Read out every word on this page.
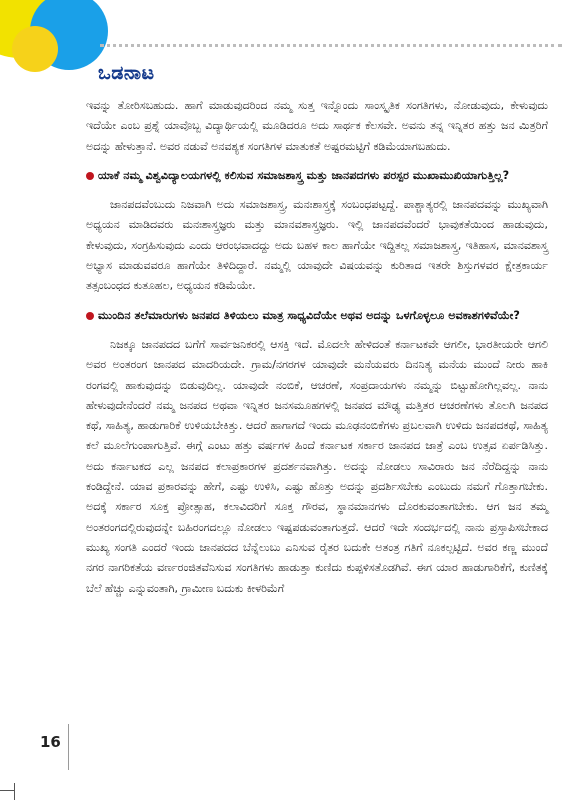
ಒಡನಾಟ

ಇವನ್ನು ತೋರಿಸಬಹುದು. ಹಾಗೆ ಮಾಡುವುದರಿಂದ ನಮ್ಮ ಸುತ್ತ ಇನ್ನೊಂದು ಸಾಂಸ್ಕೃತಿಕ ಸಂಗತಿಗಳು, ನೋಡುವುದು, ಕೇಳುವುದು ಇದೆಯೇ ಎಂಬ ಪ್ರಶ್ನೆ ಯಾವೊಬ್ಬ ವಿದ್ಯಾರ್ಥಿಯಲ್ಲಿ ಮೂಡಿದರೂ ಅದು ಸಾರ್ಥಕ ಕೆಲಸವೇ. ಅವನು ತನ್ನ ಇನ್ನಿತರ ಹತ್ತು ಜನ ಮಿತ್ರರಿಗೆ ಅದನ್ನು ಹೇಳುತ್ತಾನೆ. ಅವರ ನಡುವೆ ಅನವಶ್ಯಕ ಸಂಗತಿಗಳ ಮಾತುಕತೆ ಅಷ್ಟರಮಟ್ಟಿಗೆ ಕಡಿಮೆಯಾಗಬಹುದು.

ಯಾಕೆ ನಮ್ಮ ವಿಶ್ವವಿದ್ಯಾಲಯಗಳಲ್ಲಿ ಕಲಿಸುವ ಸಮಾಜಶಾಸ್ತ್ರ ಮತ್ತು ಜಾನಪದಗಳು ಪರಸ್ಪರ ಮುಖಾಮುಖಿಯಾಗುತ್ತಿಲ್ಲ?

ಜಾನಪದವೆಂಬುದು ನಿಜವಾಗಿ ಅದು ಸಮಾಜಶಾಸ್ತ್ರ, ಮನಃಶಾಸ್ತ್ರಕ್ಕೆ ಸಂಬಂಧಪಟ್ಟದ್ದೆ. ಪಾಶ್ಚಾತ್ಯರಲ್ಲಿ ಜಾನಪದವನ್ನು ಮುಖ್ಯವಾಗಿ ಅಧ್ಯಯನ ಮಾಡಿದವರು ಮನಃಶಾಸ್ತ್ರಜ್ಞರು ಮತ್ತು ಮಾನವಶಾಸ್ತ್ರಜ್ಞರು. ಇಲ್ಲಿ ಜಾನಪದವೆಂದರೆ ಭಾವುಕತೆಯಿಂದ ಹಾಡುವುದು, ಕೇಳುವುದು, ಸಂಗ್ರಹಿಸುವುದು ಎಂದು ಆರಂಭವಾದದ್ದು ಅದು ಬಹಳ ಕಾಲ ಹಾಗೆಯೇ ಇದ್ದಿತಲ್ಲ ಸಮಾಜಶಾಸ್ತ್ರ, ಇತಿಹಾಸ, ಮಾನವಶಾಸ್ತ್ರ ಅಭ್ಯಾಸ ಮಾಡುವವರೂ ಹಾಗೆಯೇ ತಿಳಿದಿದ್ದಾರೆ. ನಮ್ಮಲ್ಲಿ ಯಾವುದೇ ವಿಷಯವನ್ನು ಕುರಿತಾದ ಇತರೇ ಶಿಸ್ತುಗಳವರ ಕ್ಷೇತ್ರಕಾರ್ಯ ತತ್ಸಂಬಂಧದ ಕುತೂಹಲ, ಅಧ್ಯಯನ ಕಡಿಮೆಯೇ.

ಮುಂದಿನ ತಲೆಮಾರುಗಳು ಜನಪದ ತಿಳಿಯಲು ಮಾತ್ರ ಸಾಧ್ಯವಿದೆಯೇ ಅಥವ ಅದನ್ನು ಒಳಗೊಳ್ಳಲೂ ಅವಕಾಶಗಳಿವೆಯೇ?

ನಿಜಕ್ಕೂ ಜಾನಪದದ ಬಗೆಗೆ ಸಾರ್ವಜನಿಕರಲ್ಲಿ ಆಸಕ್ತಿ ಇದೆ. ಮೊದಲೇ ಹೇಳಿದಂತೆ ಕರ್ನಾಟಕವೇ ಆಗಲೀ, ಭಾರತೀಯರೇ ಆಗಲಿ ಅವರ ಅಂತರಂಗ ಜಾನಪದ ಮಾದರಿಯದೇ. ಗ್ರಾಮ/ನಗರಗಳ ಯಾವುದೇ ಮನೆಯವರು ದಿನನಿತ್ಯ ಮನೆಯ ಮುಂದೆ ನೀರು ಹಾಕಿ ರಂಗವಲ್ಲಿ ಹಾಕುವುದನ್ನು ಬಿಡುವುದಿಲ್ಲ. ಯಾವುದೇ ನಂಬಿಕೆ, ಆಚರಣೆ, ಸಂಪ್ರದಾಯಗಳು ನಮ್ಮನ್ನು ಬಿಟ್ಟುಹೋಗಿಲ್ಲವಲ್ಲ. ನಾನು ಹೇಳುವುದೇನೆಂದರೆ ನಮ್ಮ ಜನಪದ ಅಥವಾ ಇನ್ನಿತರ ಜನಸಮೂಹಗಳಲ್ಲಿ ಜನಪದ ಮೌಢ್ಯ ಮತ್ತಿತರ ಆಚರಣೆಗಳು ತೊಲಗಿ ಜನಪದ ಕಥೆ, ಸಾಹಿತ್ಯ, ಹಾಡುಗಾರಿಕೆ ಉಳಿಯಬೇಕಿತ್ತು. ಆದರೆ ಹಾಗಾಗದೆ ಇಂದು ಮೂಢನಂಬಿಕೆಗಳು ಪ್ರಬಲವಾಗಿ ಉಳಿದು ಜನಪದಕಥೆ, ಸಾಹಿತ್ಯ ಕಲೆ ಮೂಲೆಗುಂಪಾಗುತ್ತಿವೆ. ಈಗ್ಗೆ ಎಂಟು ಹತ್ತು ವರ್ಷಗಳ ಹಿಂದೆ ಕರ್ನಾಟಕ ಸರ್ಕಾರ ಜಾನಪದ ಜಾತ್ರೆ ಎಂಬ ಉತ್ಸವ ಏರ್ಪಡಿಸಿತ್ತು. ಅದು ಕರ್ನಾಟಕದ ಎಲ್ಲ ಜನಪದ ಕಲಾಪ್ರಕಾರಗಳ ಪ್ರದರ್ಶನವಾಗಿತ್ತು. ಅದನ್ನು ನೋಡಲು ಸಾವಿರಾರು ಜನ ನೆರೆದಿದ್ದನ್ನು ನಾನು ಕಂಡಿದ್ದೇನೆ. ಯಾವ ಪ್ರಕಾರವನ್ನು ಹೇಗೆ, ಎಷ್ಟು ಉಳಿಸಿ, ಎಷ್ಟು ಹೊತ್ತು ಅದನ್ನು ಪ್ರದರ್ಶಿಸಬೇಕು ಎಂಬುದು ನಮಗೆ ಗೊತ್ತಾಗಬೇಕು. ಅದಕ್ಕೆ ಸರ್ಕಾರ ಸೂಕ್ತ ಪ್ರೋತ್ಸಾಹ, ಕಲಾವಿದರಿಗೆ ಸೂಕ್ತ ಗೌರವ, ಸ್ಥಾನಮಾನಗಳು ದೊರಕುವಂತಾಗಬೇಕು. ಆಗ ಜನ ತಮ್ಮ ಅಂತರಂಗದಲ್ಲಿರುವುದನ್ನೇ ಬಹಿರಂಗದಲ್ಲೂ ನೋಡಲು ಇಷ್ಟಪಡುವಂತಾಗುತ್ತದೆ. ಆದರೆ ಇದೇ ಸಂದರ್ಭದಲ್ಲಿ ನಾನು ಪ್ರಸ್ತಾಪಿಸಬೇಕಾದ ಮುಖ್ಯ ಸಂಗತಿ ಎಂದರೆ ಇಂದು ಜಾನಪದದ ಬೆನ್ನೆಲುಬು ಎನಿಸುವ ರೈತರ ಬದುಕೇ ಅತಂತ್ರ ಗತಿಗೆ ನೂಕಲ್ಪಟ್ಟಿದೆ. ಅವರ ಕಣ್ಣ ಮುಂದೆ ನಗರ ನಾಗರಿಕತೆಯ ವರ್ಣರಂಜಿತವೆನಿಸುವ ಸಂಗತಿಗಳು ಹಾಡುತ್ತಾ ಕುಣಿದು ಕುಪ್ಪಳಿಸತೊಡಗಿವೆ. ಈಗ ಯಾರ ಹಾಡುಗಾರಿಕೆಗೆ, ಕುಣಿತಕ್ಕೆ ಬೆಲೆ ಹೆಚ್ಚು ಎನ್ನುವಂತಾಗಿ, ಗ್ರಾಮೀಣ ಬದುಕು ಕೀಳರಿಮೆಗೆ

16
